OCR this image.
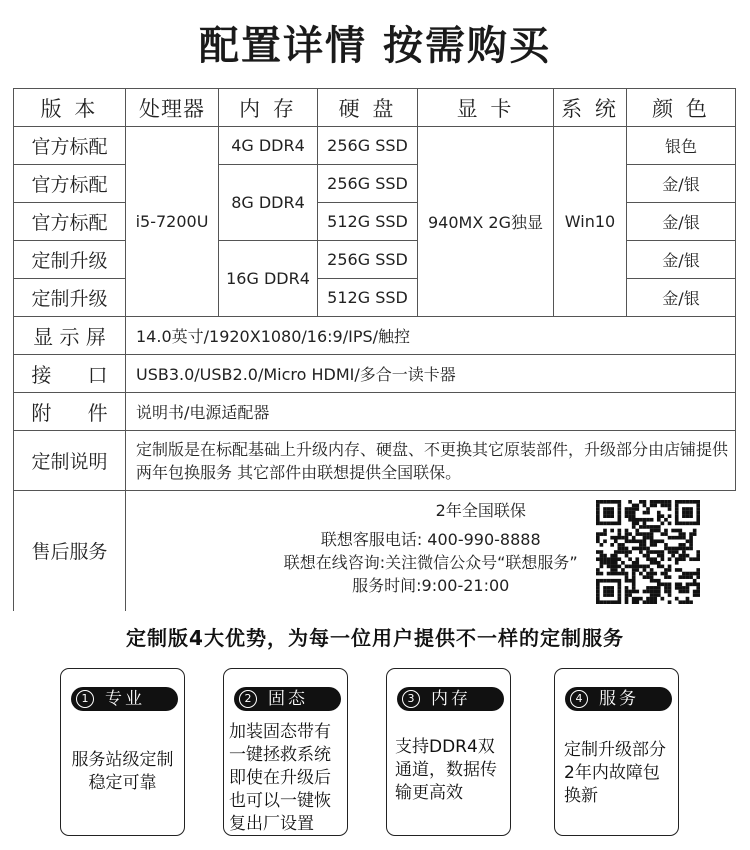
配置详情 按需购买
版 本	处理器	内 存	硬 盘	显 卡	系 统	颜 色
官方标配	i5-7200U	4G DDR4	256G SSD	940MX 2G独显	Win10	银色
官方标配		8G DDR4	256G SSD			金/银
官方标配			512G SSD			金/银
定制升级		16G DDR4	256G SSD			金/银
定制升级			512G SSD			金/银
显 示 屏	14.0英寸/1920X1080/16:9/IPS/触控					
接 口	USB3.0/USB2.0/Micro HDMI/多合一读卡器					
附 件	说明书/电源适配器					
定制说明	定制版是在标配基础上升级内存、硬盘、不更换其它原装部件，升级部分由店铺提供两年包换服务 其它部件由联想提供全国联保。					
售后服务	2年全国联保
联想客服电话: 400-990-8888
联想在线咨询:关注微信公众号“联想服务”
服务时间:9:00-21:00					
定制版4大优势，为每一位用户提供不一样的定制服务
1 专业
服务站级定制稳定可靠
2 固态
加装固态带有一键拯救系统即使在升级后也可以一键恢复出厂设置
3 内存
支持DDR4双通道，数据传输更高效
4 服务
定制升级部分2年内故障包换新
